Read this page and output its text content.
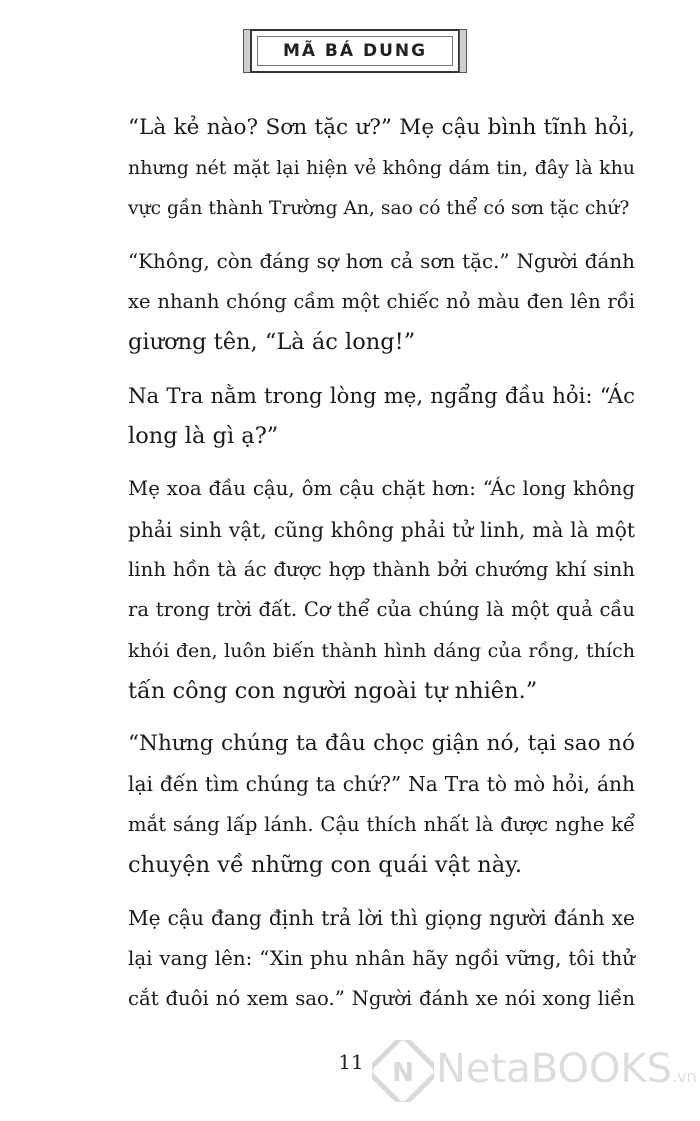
MÃ BÁ DUNG
“Là kẻ nào? Sơn tặc ư?” Mẹ cậu bình tĩnh hỏi,
nhưng nét mặt lại hiện vẻ không dám tin, đây là khu
vực gần thành Trường An, sao có thể có sơn tặc chứ?
“Không, còn đáng sợ hơn cả sơn tặc.” Người đánh
xe nhanh chóng cầm một chiếc nỏ màu đen lên rồi
giương tên, “Là ác long!”
Na Tra nằm trong lòng mẹ, ngẩng đầu hỏi: “Ác
long là gì ạ?”
Mẹ xoa đầu cậu, ôm cậu chặt hơn: “Ác long không
phải sinh vật, cũng không phải tử linh, mà là một
linh hồn tà ác được hợp thành bởi chướng khí sinh
ra trong trời đất. Cơ thể của chúng là một quả cầu
khói đen, luôn biến thành hình dáng của rồng, thích
tấn công con người ngoài tự nhiên.”
“Nhưng chúng ta đâu chọc giận nó, tại sao nó
lại đến tìm chúng ta chứ?” Na Tra tò mò hỏi, ánh
mắt sáng lấp lánh. Cậu thích nhất là được nghe kể
chuyện về những con quái vật này.
Mẹ cậu đang định trả lời thì giọng người đánh xe
lại vang lên: “Xin phu nhân hãy ngồi vững, tôi thử
cắt đuôi nó xem sao.” Người đánh xe nói xong liền
11 N NetaBOOKS.vn
